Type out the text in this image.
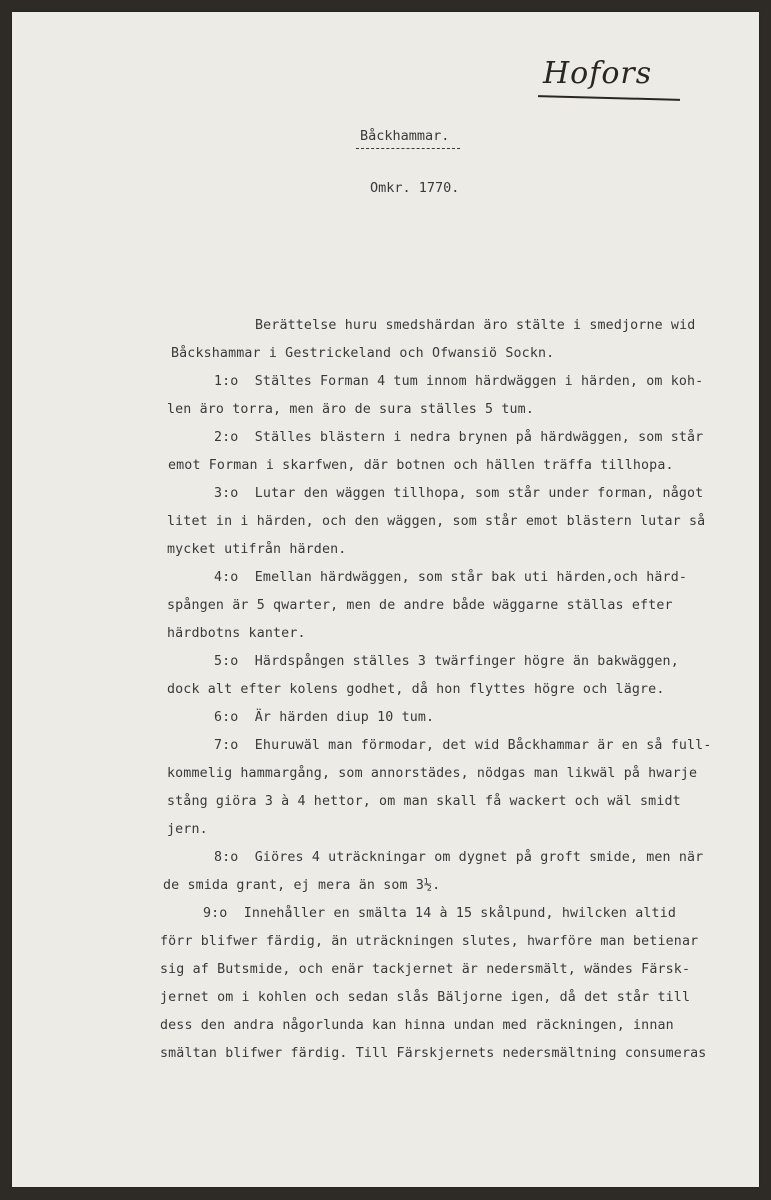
Hofors
Båckhammar.
Omkr. 1770.
Berättelse huru smedshärdan äro stälte i smedjorne wid
Båckshammar i Gestrickeland och Ofwansiö Sockn.
1:o  Stältes Forman 4 tum innom härdwäggen i härden, om koh-
len äro torra, men äro de sura ställes 5 tum.
2:o  Ställes blästern i nedra brynen på härdwäggen, som står
emot Forman i skarfwen, där botnen och hällen träffa tillhopa.
3:o  Lutar den wäggen tillhopa, som står under forman, något
litet in i härden, och den wäggen, som står emot blästern lutar så
mycket utifrån härden.
4:o  Emellan härdwäggen, som står bak uti härden,och härd-
spången är 5 qwarter, men de andre både wäggarne ställas efter
härdbotns kanter.
5:o  Härdspången ställes 3 twärfinger högre än bakwäggen,
dock alt efter kolens godhet, då hon flyttes högre och lägre.
6:o  Är härden diup 10 tum.
7:o  Ehuruwäl man förmodar, det wid Båckhammar är en så full-
kommelig hammargång, som annorstädes, nödgas man likwäl på hwarje
stång giöra 3 à 4 hettor, om man skall få wackert och wäl smidt
jern.
8:o  Giöres 4 uträckningar om dygnet på groft smide, men när
de smida grant, ej mera än som 3½.
9:o  Innehåller en smälta 14 à 15 skålpund, hwilcken altid
förr blifwer färdig, än uträckningen slutes, hwarföre man betienar
sig af Butsmide, och enär tackjernet är nedersmält, wändes Färsk-
jernet om i kohlen och sedan slås Bäljorne igen, då det står till
dess den andra någorlunda kan hinna undan med räckningen, innan
smältan blifwer färdig. Till Färskjernets nedersmältning consumeras
